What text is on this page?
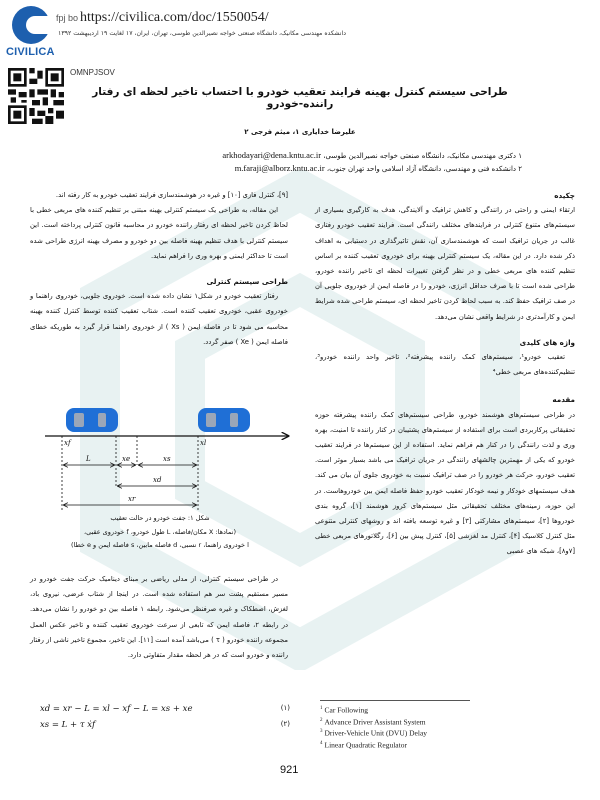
CIVILICA
fpj bo https://civilica.com/doc/1550054/
دانشکده مهندسی مکانیک، دانشگاه صنعتی خواجه نصیرالدین طوسی، تهران، ایران، ۱۷ لغایت ۱۹ اردیبهشت ۱۳۹۲
OMNPJSOV
طراحی سیستم کنترل بهینه فرایند تعقیب خودرو با احتساب تاخیر لحظه ای رفتار راننده-خودرو
علیرضا خدایاری ۱، میثم فرجی ۲
۱ دکتری مهندسی مکانیک، دانشگاه صنعتی خواجه نصیرالدین طوسی، arkhodayari@dena.kntu.ac.ir
۲ دانشکده فنی و مهندسی، دانشگاه آزاد اسلامی واحد تهران جنوب، m.faraji@alborz.kntu.ac.ir
چکیده

ارتقاء ایمنی و راحتی در رانندگی و کاهش ترافیک و آلایندگی، هدف به کارگیری بسیاری از سیستم‌های متنوع کنترلی در فرایندهای مختلف رانندگی است. فرایند تعقیب خودرو رفتاری غالب در جریان ترافیک است که هوشمندسازی آن، نقش تاثیرگذاری در دستیابی به اهداف ذکر شده دارد. در این مقاله، یک سیستم کنترلی بهینه برای خودروی تعقیب کننده بر اساس تنظیم کننده های مربعی خطی و در نظر گرفتن تغییرات لحظه ای تاخیر راننده خودرو، طراحی شده است تا با صرف حداقل انرژی، خودرو را در فاصله ایمن از خودروی جلویی آن در صف ترافیک حفظ کند. به سبب لحاظ کردن تاخیر لحظه ای، سیستم طراحی شده شرایط ایمن و کارآمدتری در شرایط واقعی نشان می‌دهد.

واژه های کلیدی

تعقیب خودرو¹، سیستم‌های کمک راننده پیشرفته²، تاخیر واحد راننده خودرو³، تنظیم‌کننده‌های مربعی خطی⁴

مقدمه

در طراحی سیستم‌های هوشمند خودرو، طراحی سیستم‌های کمک راننده پیشرفته حوزه تحقیقاتی پرکاربردی است برای استفاده از سیستم‌های پشتیبان در کنار راننده تا امنیت، بهره وری و لذت رانندگی را در کنار هم فراهم نماید. استفاده از این سیستم‌ها در فرایند تعقیب خودرو که یکی از مهمترین چالشهای رانندگی در جریان ترافیک می باشد بسیار موثر است. تعقیب خودرو، حرکت هر خودرو را در صف ترافیک نسبت به خودروی جلوی آن بیان می کند. هدف سیستمهای خودکار و نیمه خودکار تعقیب خودرو حفظ فاصله ایمن بین خودروهاست. در این حوزه، زمینه‌های مختلف تحقیقاتی مثل سیستم‌های کروز هوشمند [۱]، گروه بندی خودروها [۲]، سیستم‌های مشارکتی [۳] و غیره توسعه یافته اند و روشهای کنترلی متنوعی مثل کنترل کلاسیک [۴]، کنترل مد لغزشی [۵]، کنترل پیش بین [۶]، رگلاتورهای مربعی خطی [۷و۸]، شبکه های عصبی

[۹]، کنترل فازی [۱۰] و غیره در هوشمندسازی فرایند تعقیب خودرو به کار رفته اند.

این مقاله، به طراحی یک سیستم کنترلی بهینه مبتنی بر تنظیم کننده های مربعی خطی با لحاظ کردن تاخیر لحظه ای رفتار راننده خودرو در محاسبه قانون کنترلی پرداخته است. این سیستم کنترلی با هدف تنظیم بهینه فاصله بین دو خودرو و مصرف بهینه انرژی طراحی شده است تا حداکثر ایمنی و بهره وری را فراهم نماید.

طراحی سیستم کنترلی

رفتار تعقیب خودرو در شکل۱ نشان داده شده است. خودروی جلویی، خودروی راهنما و خودروی عقبی، خودروی تعقیب کننده است. شتاب تعقیب کننده توسط کنترل کننده بهینه محاسبه می شود تا در فاصله ایمن ( Xs ) از خودروی راهنما قرار گیرد به طوریکه خطای فاصله ایمن ( Xe ) صفر گردد.

xf	xl
L	xe	xs
xd
xr
شکل ۱: جفت خودرو در حالت تعقیب
(نمادها: X مکان/فاصله، L طول خودرو، f خودروی عقبی،
l خودروی راهنما، r نسبی، d فاصله مابین، s فاصله ایمن و e خطا)

در طراحی سیستم کنترلی، از مدلی ریاضی بر مبنای دینامیک حرکت جفت خودرو در مسیر مستقیم پشت سر هم استفاده شده است. در اینجا از شتاب عرضی، نیروی باد، لغزش، اصطکاک و غیره صرفنظر می‌شود. رابطه ۱ فاصله بین دو خودرو را نشان می‌دهد. در رابطه ۲، فاصله ایمن که تابعی از سرعت خودروی تعقیب کننده و تاخیر عکس العمل مجموعه راننده خودرو ( τ ) می‌باشد آمده است [۱۱]. این تاخیر، مجموع تاخیر ناشی از رفتار راننده و خودرو است که در هر لحظه مقدار متفاوتی دارد.

xd = xr − L = xl − xf − L = xs + xe	(۱)
xs = L + τ ẋf	(۲)
$^1$ Car Following
$^2$ Advance Driver Assistant System
$^3$ Driver-Vehicle Unit (DVU) Delay
$^4$ Linear Quadratic Regulator
921
